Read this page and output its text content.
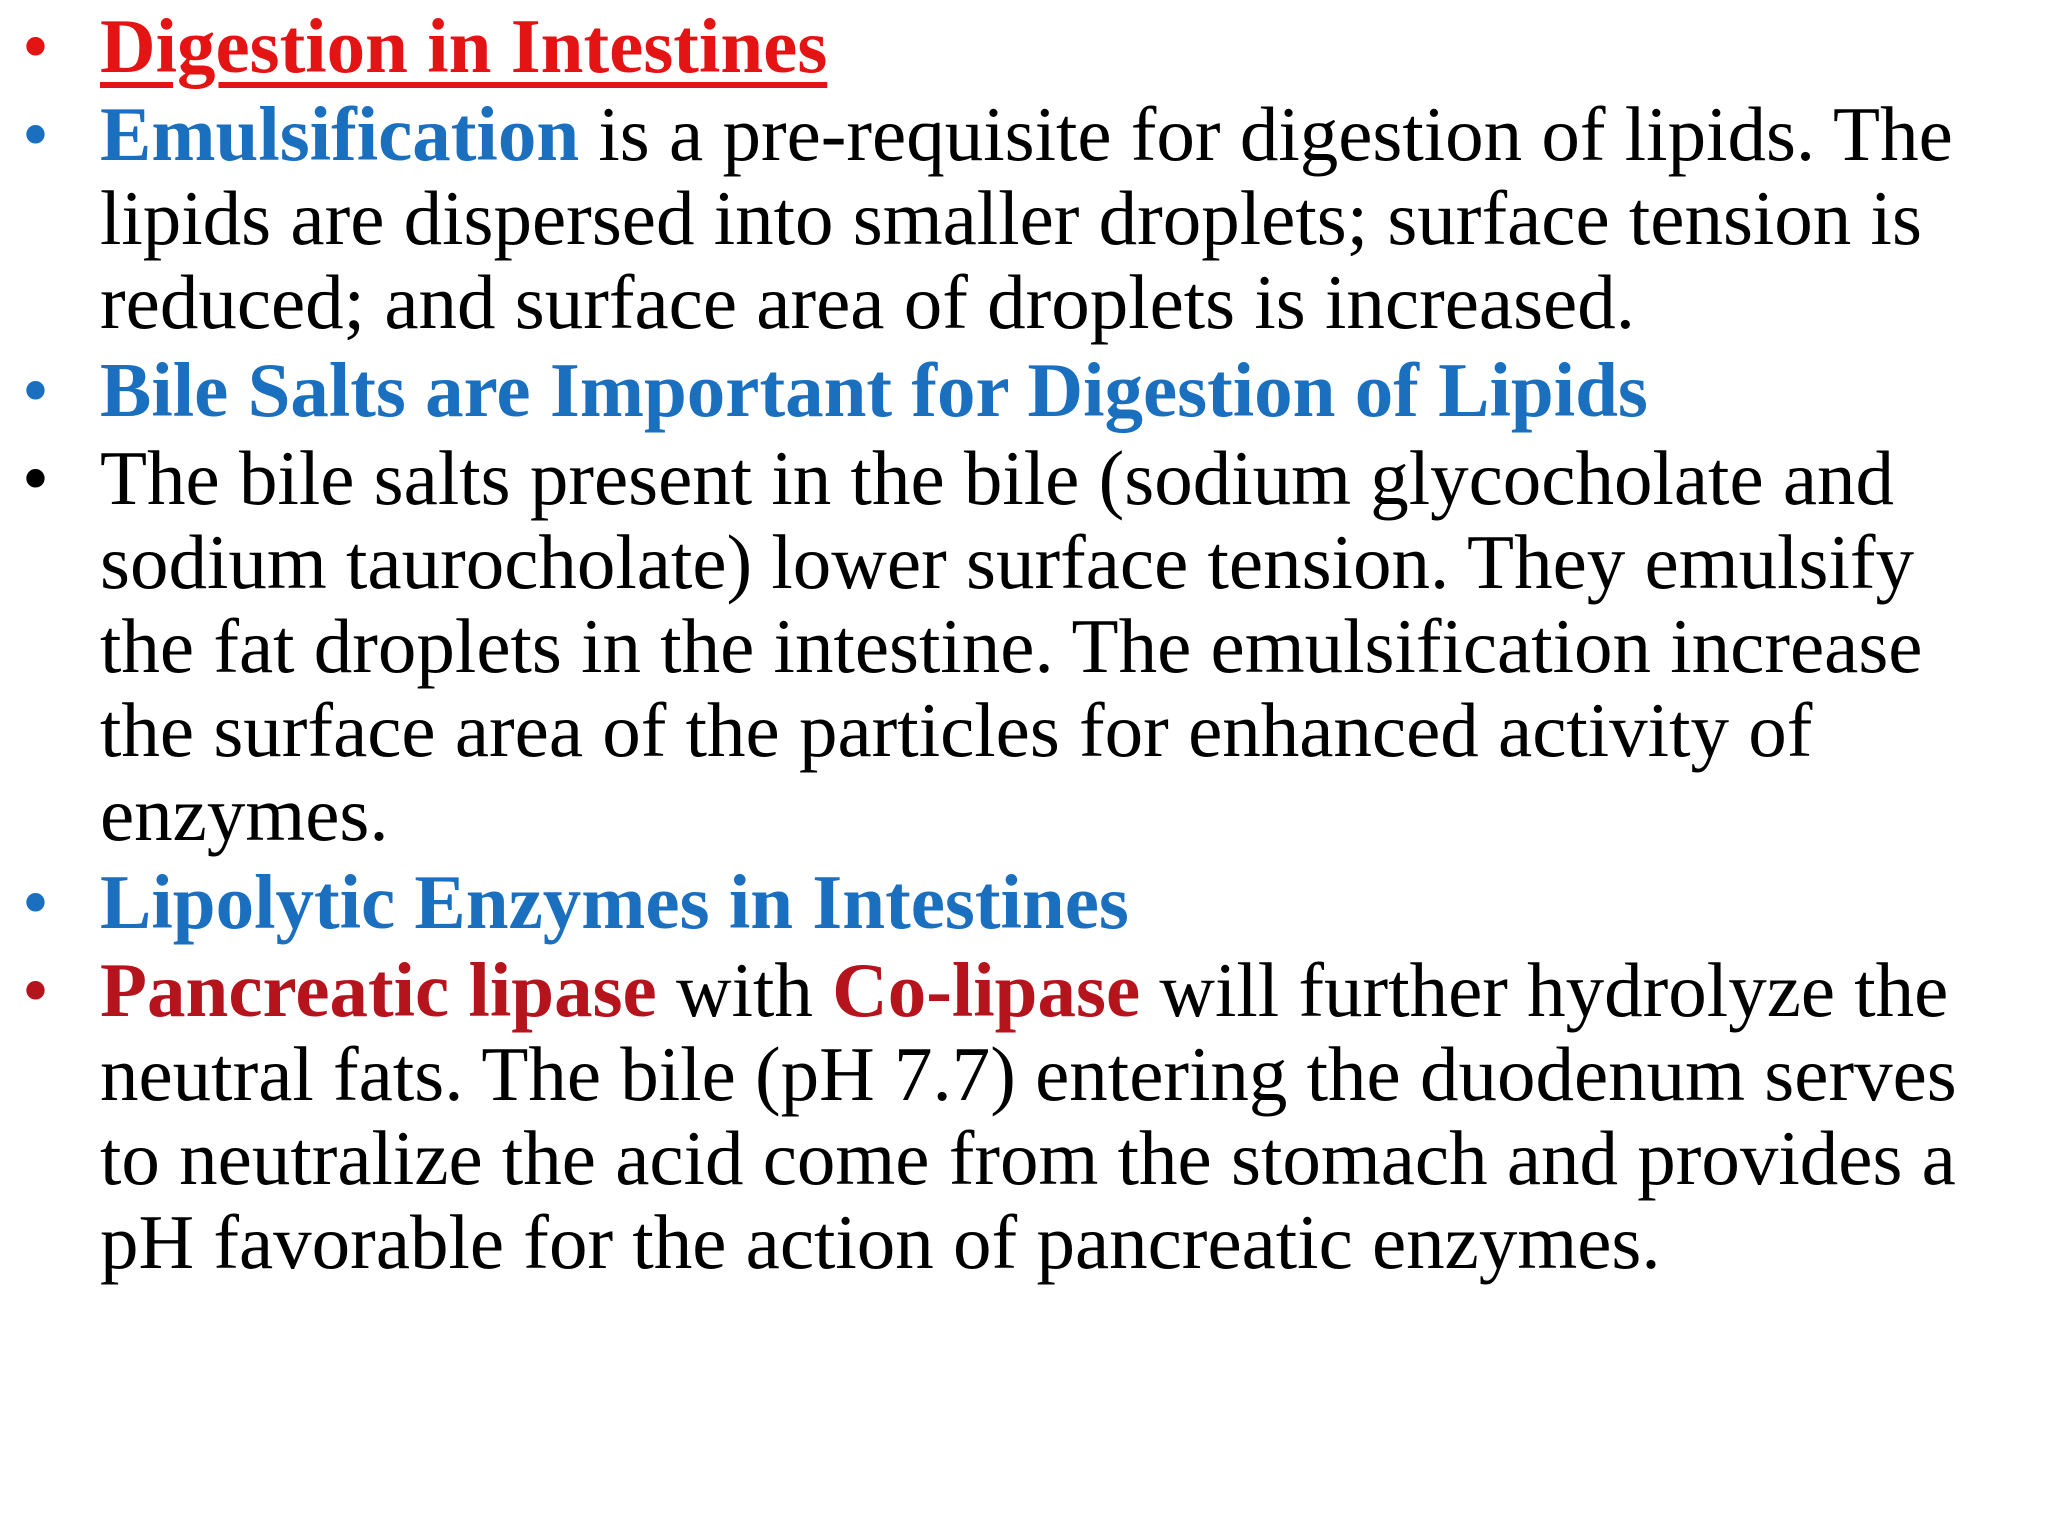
• Digestion in Intestines
• Emulsification is a pre-requisite for digestion of lipids. The lipids are dispersed into smaller droplets; surface tension is reduced; and surface area of droplets is increased.
• Bile Salts are Important for Digestion of Lipids
• The bile salts present in the bile (sodium glycocholate and sodium taurocholate) lower surface tension. They emulsify the fat droplets in the intestine. The emulsification increase the surface area of the particles for enhanced activity of enzymes.
• Lipolytic Enzymes in Intestines
• Pancreatic lipase with Co-lipase will further hydrolyze the neutral fats. The bile (pH 7.7) entering the duodenum serves to neutralize the acid come from the stomach and provides a pH favorable for the action of pancreatic enzymes.
